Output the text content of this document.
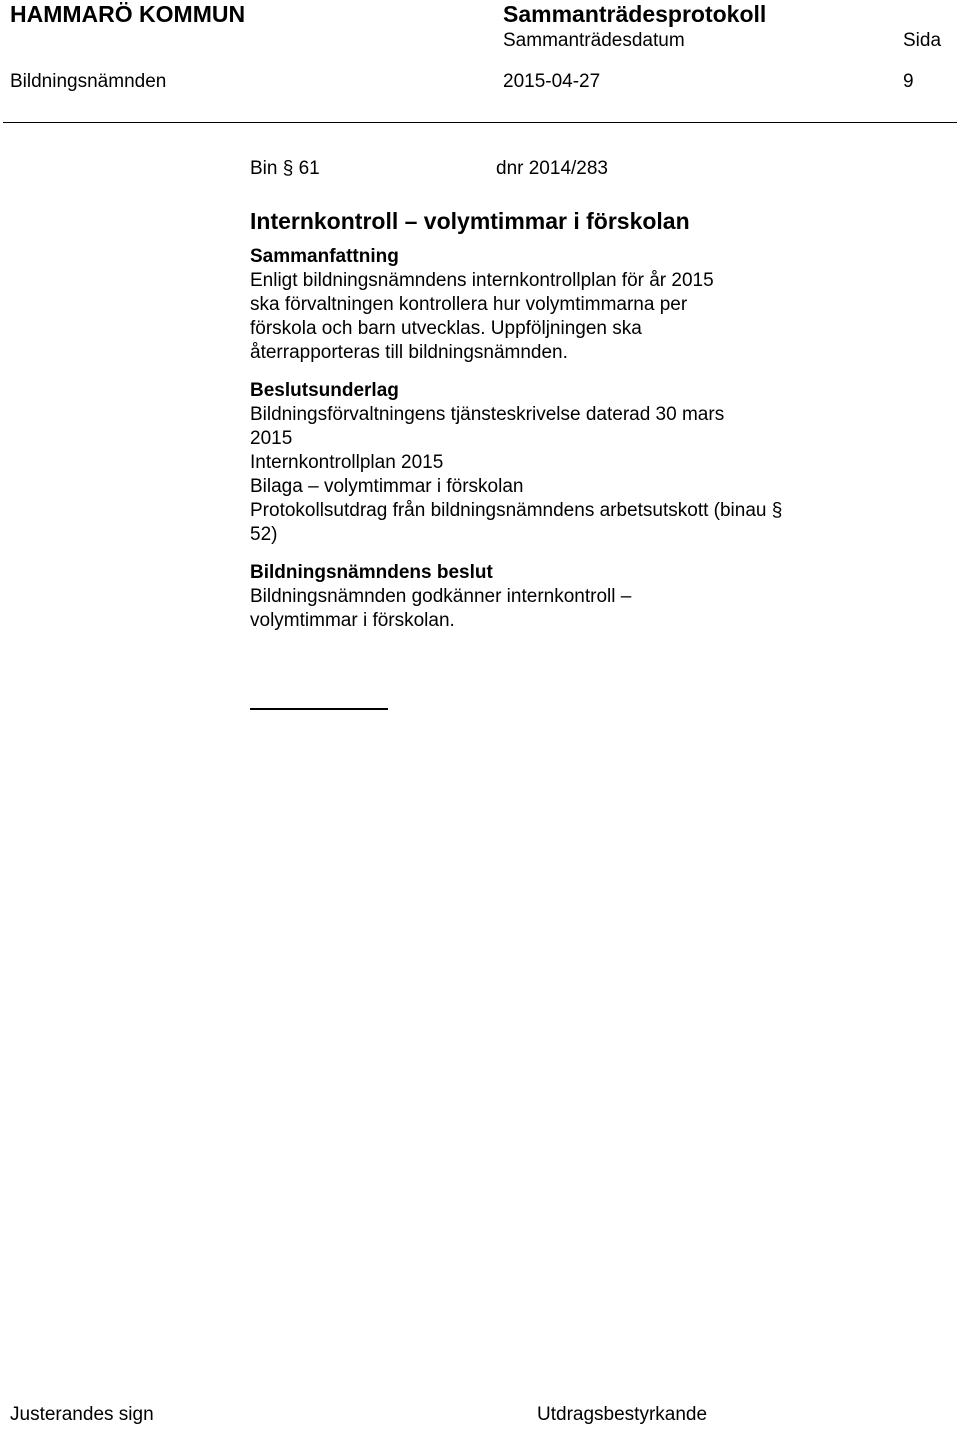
HAMMARÖ KOMMUN	Sammanträdesprotokoll
Sammanträdesdatum	Sida
Bildningsnämnden	2015-04-27	9
Bin § 61	dnr 2014/283
Internkontroll – volymtimmar i förskolan
Sammanfattning
Enligt bildningsnämndens internkontrollplan för år 2015
ska förvaltningen kontrollera hur volymtimmarna per
förskola och barn utvecklas. Uppföljningen ska
återrapporteras till bildningsnämnden.
Beslutsunderlag
Bildningsförvaltningens tjänsteskrivelse daterad 30 mars
2015
Internkontrollplan 2015
Bilaga – volymtimmar i förskolan
Protokollsutdrag från bildningsnämndens arbetsutskott (binau §
52)
Bildningsnämndens beslut
Bildningsnämnden godkänner internkontroll –
volymtimmar i förskolan.
Justerandes sign	Utdragsbestyrkande
